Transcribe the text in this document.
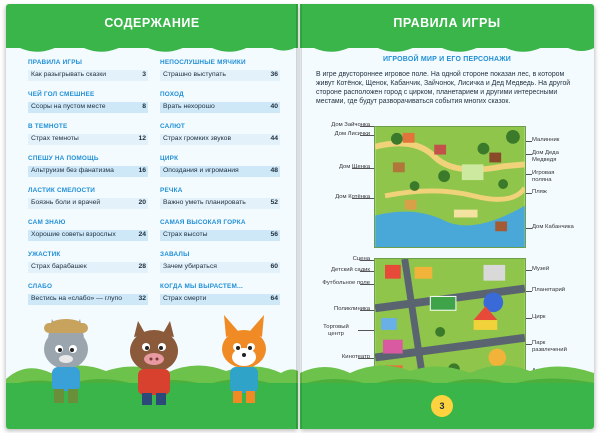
СОДЕРЖАНИЕ
ПРАВИЛА ИГРЫ
Как разыгрывать сказки	3
ЧЕЙ ГОЛ СМЕШНЕЕ
Ссоры на пустом месте	8
В ТЕМНОТЕ
Страх темноты	12
СПЕШУ НА ПОМОЩЬ
Альтруизм без фанатизма	16
ЛАСТИК СМЕЛОСТИ
Боязнь боли и врачей	20
САМ ЗНАЮ
Хорошие советы взрослых	24
УЖАСТИК
Страх барабашек	28
СЛАБО
Вестись на «слабо» — глупо 32
НЕПОСЛУШНЫЕ МЯЧИКИ
Страшно выступать	36
ПОХОД
Врать нехорошо	40
САЛЮТ
Страх громких звуков	44
ЦИРК
Опоздания и игромания	48
РЕЧКА
Важно уметь планировать	52
САМАЯ ВЫСОКАЯ ГОРКА
Страх высоты	56
ЗАВАЛЫ
Зачем убираться	60
КОГДА МЫ ВЫРАСТЕМ...
Страх смерти	64
ПРАВИЛА ИГРЫ
ИГРОВОЙ МИР И ЕГО ПЕРСОНАЖИ
В игре двустороннее игровое поле. На одной стороне показан лес, в котором живут Котёнок, Щенок, Кабанчик, Зайчонок, Лисичка и Дед Медведь. На другой стороне расположен город с цирком, планетарием и другими интересными местами, где будут разворачиваться события многих сказок.
Дом Зайчонка
Дом Лисички
Дом Щенка
Дом Котёнка
Малинник
Дом Деда Медведя
Игровая поляна
Пляж
Дом Кабанчика
Сцена
Детский садик
Футбольное поле
Поликлиника
Торговый центр
Кинотеатр
Музей
Планетарий
Цирк
Парк развлечений
3
